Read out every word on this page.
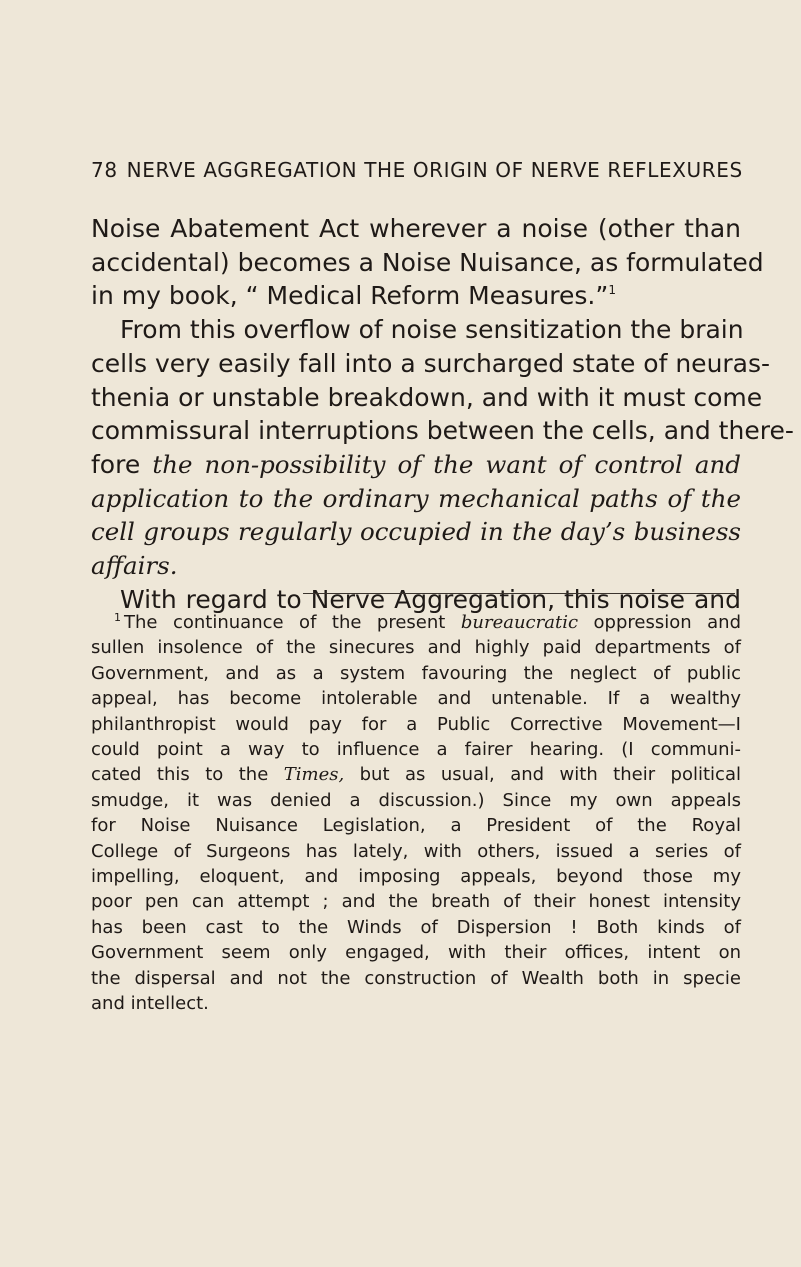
78 NERVE AGGREGATION THE ORIGIN OF NERVE REFLEXURES
Noise Abatement Act wherever a noise (other than
accidental) becomes a Noise Nuisance, as formulated
in my book, “ Medical Reform Measures.”$^1$
From this overflow of noise sensitization the brain
cells very easily fall into a surcharged state of neuras-
thenia or unstable breakdown, and with it must come
commissural interruptions between the cells, and there-
fore the non-possibility of the want of control and
application to the ordinary mechanical paths of the
cell groups regularly occupied in the day’s business
affairs.
With regard to Nerve Aggregation, this noise and
$^1$ The continuance of the present bureaucratic oppression and
sullen insolence of the sinecures and highly paid departments of
Government, and as a system favouring the neglect of public
appeal, has become intolerable and untenable. If a wealthy
philanthropist would pay for a Public Corrective Movement—I
could point a way to influence a fairer hearing. (I communi-
cated this to the Times, but as usual, and with their political
smudge, it was denied a discussion.) Since my own appeals
for Noise Nuisance Legislation, a President of the Royal
College of Surgeons has lately, with others, issued a series of
impelling, eloquent, and imposing appeals, beyond those my
poor pen can attempt ; and the breath of their honest intensity
has been cast to the Winds of Dispersion ! Both kinds of
Government seem only engaged, with their offices, intent on
the dispersal and not the construction of Wealth both in specie
and intellect.
